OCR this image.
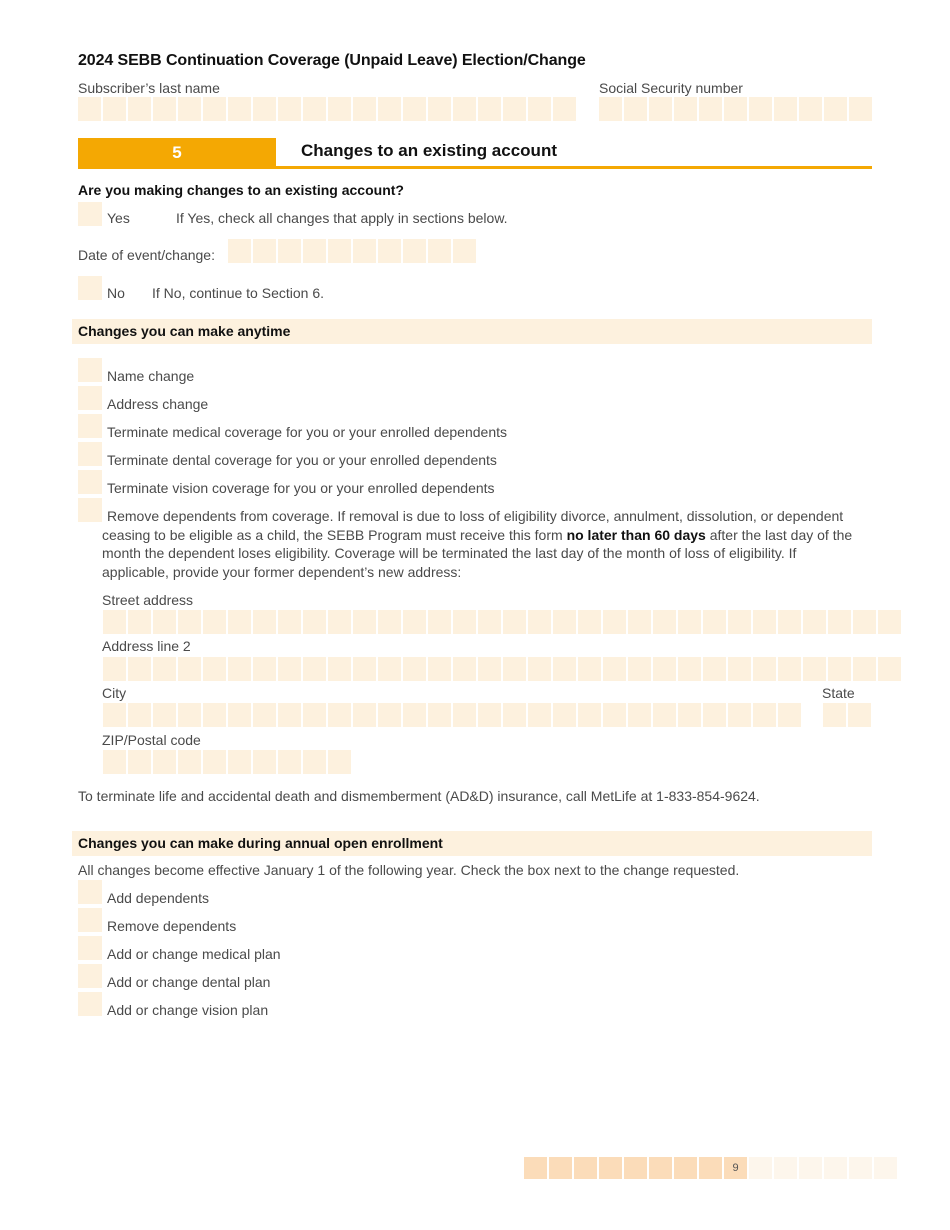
2024 SEBB Continuation Coverage (Unpaid Leave) Election/Change
Subscriber’s last name	Social Security number
5	Changes to an existing account
Are you making changes to an existing account?
Yes	If Yes, check all changes that apply in sections below.
Date of event/change:
No If No, continue to Section 6.
Changes you can make anytime
Name change
Address change
Terminate medical coverage for you or your enrolled dependents
Terminate dental coverage for you or your enrolled dependents
Terminate vision coverage for you or your enrolled dependents
Remove dependents from coverage. If removal is due to loss of eligibility divorce, annulment, dissolution, or dependent ceasing to be eligible as a child, the SEBB Program must receive this form no later than 60 days after the last day of the month the dependent loses eligibility. Coverage will be terminated the last day of the month of loss of eligibility. If applicable, provide your former dependent’s new address:
Street address
Address line 2
City	State
ZIP/Postal code
To terminate life and accidental death and dismemberment (AD&D) insurance, call MetLife at 1-833-854-9624.
Changes you can make during annual open enrollment
All changes become effective January 1 of the following year. Check the box next to the change requested.
Add dependents
Remove dependents
Add or change medical plan
Add or change dental plan
Add or change vision plan
9
